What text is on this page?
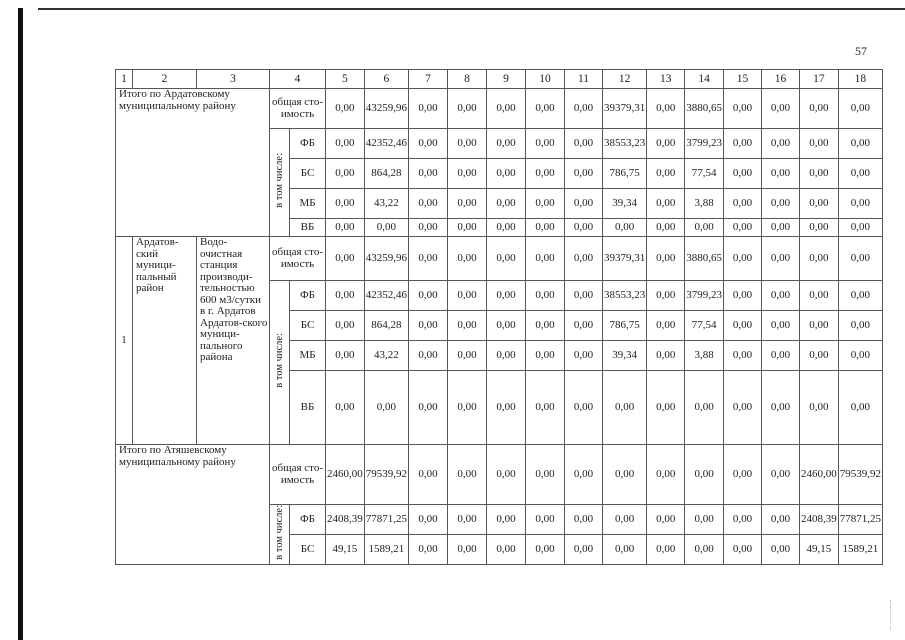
57
1	2	3	4		5	6	7	8	9	10	11	12	13	14	15	16	17	18
Итого по Ардатовскому муниципальному району			общая сто-имость		0,00	43259,96	0,00	0,00	0,00	0,00	0,00	39379,31	0,00	3880,65	0,00	0,00	0,00	0,00
			в том числе:	ФБ	0,00	42352,46	0,00	0,00	0,00	0,00	0,00	38553,23	0,00	3799,23	0,00	0,00	0,00	0,00
				БС	0,00	864,28	0,00	0,00	0,00	0,00	0,00	786,75	0,00	77,54	0,00	0,00	0,00	0,00
				МБ	0,00	43,22	0,00	0,00	0,00	0,00	0,00	39,34	0,00	3,88	0,00	0,00	0,00	0,00
				ВБ	0,00	0,00	0,00	0,00	0,00	0,00	0,00	0,00	0,00	0,00	0,00	0,00	0,00	0,00
1	Ардатов-ский муници-пальный район	Водо-очистная станция производи-тельностью 600 м3/сутки в г. Ардатов Ардатов-ского муници-пального района	общая сто-имость		0,00	43259,96	0,00	0,00	0,00	0,00	0,00	39379,31	0,00	3880,65	0,00	0,00	0,00	0,00
			в том числе:	ФБ	0,00	42352,46	0,00	0,00	0,00	0,00	0,00	38553,23	0,00	3799,23	0,00	0,00	0,00	0,00
				БС	0,00	864,28	0,00	0,00	0,00	0,00	0,00	786,75	0,00	77,54	0,00	0,00	0,00	0,00
				МБ	0,00	43,22	0,00	0,00	0,00	0,00	0,00	39,34	0,00	3,88	0,00	0,00	0,00	0,00
				ВБ	0,00	0,00	0,00	0,00	0,00	0,00	0,00	0,00	0,00	0,00	0,00	0,00	0,00	0,00
Итого по Атяшевскому муниципальному району			общая сто-имость		2460,00	79539,92	0,00	0,00	0,00	0,00	0,00	0,00	0,00	0,00	0,00	0,00	2460,00	79539,92
			в том числе:	ФБ	2408,39	77871,25	0,00	0,00	0,00	0,00	0,00	0,00	0,00	0,00	0,00	0,00	2408,39	77871,25
				БС	49,15	1589,21	0,00	0,00	0,00	0,00	0,00	0,00	0,00	0,00	0,00	0,00	49,15	1589,21
